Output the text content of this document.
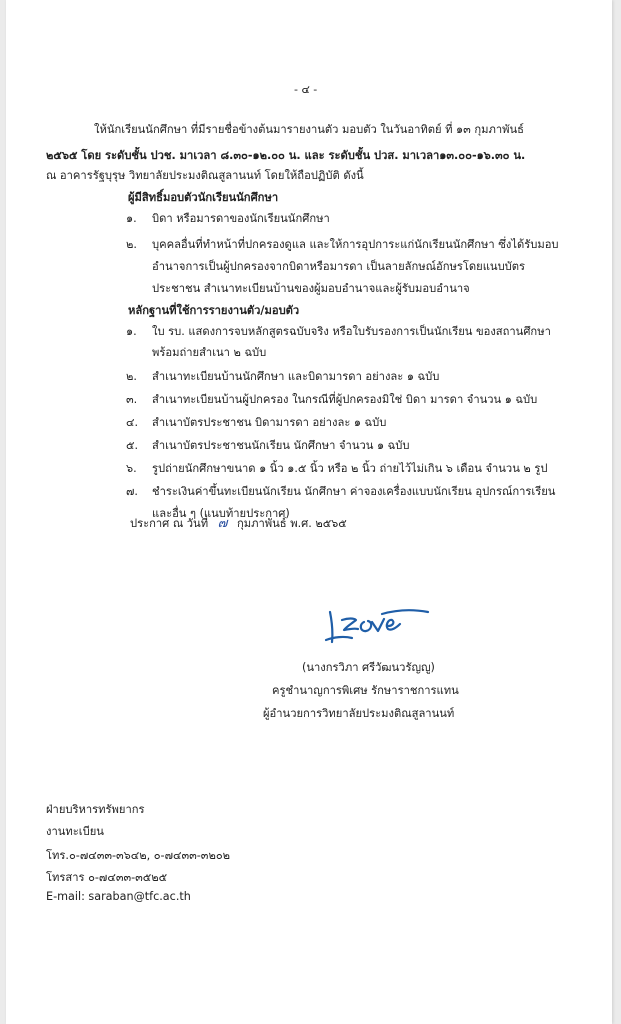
- ๔ -
ให้นักเรียนนักศึกษา ที่มีรายชื่อข้างต้นมารายงานตัว มอบตัว ในวันอาทิตย์ ที่ ๑๓ กุมภาพันธ์
๒๕๖๕ โดย ระดับชั้น ปวช. มาเวลา ๘.๓๐-๑๒.๐๐ น. และ ระดับชั้น ปวส. มาเวลา๑๓.๐๐-๑๖.๓๐ น.
ณ อาคารรัฐบุรุษ วิทยาลัยประมงติณสูลานนท์ โดยให้ถือปฏิบัติ ดังนี้
ผู้มีสิทธิ์มอบตัวนักเรียนนักศึกษา
๑. บิดา หรือมารดาของนักเรียนนักศึกษา
๒. บุคคลอื่นที่ทำหน้าที่ปกครองดูแล และให้การอุปการะแก่นักเรียนนักศึกษา ซึ่งได้รับมอบ
อำนาจการเป็นผู้ปกครองจากบิดาหรือมารดา เป็นลายลักษณ์อักษรโดยแนบบัตร
ประชาชน สำเนาทะเบียนบ้านของผู้มอบอำนาจและผู้รับมอบอำนาจ
หลักฐานที่ใช้การรายงานตัว/มอบตัว
๑. ใบ รบ. แสดงการจบหลักสูตรฉบับจริง หรือใบรับรองการเป็นนักเรียน ของสถานศึกษา
พร้อมถ่ายสำเนา ๒ ฉบับ
๒. สำเนาทะเบียนบ้านนักศึกษา และบิดามารดา อย่างละ ๑ ฉบับ
๓. สำเนาทะเบียนบ้านผู้ปกครอง ในกรณีที่ผู้ปกครองมิใช่ บิดา มารดา จำนวน ๑ ฉบับ
๔. สำเนาบัตรประชาชน บิดามารดา อย่างละ ๑ ฉบับ
๕. สำเนาบัตรประชาชนนักเรียน นักศึกษา จำนวน ๑ ฉบับ
๖. รูปถ่ายนักศึกษาขนาด ๑ นิ้ว ๑.๕ นิ้ว หรือ ๒ นิ้ว ถ่ายไว้ไม่เกิน ๖ เดือน จำนวน ๒ รูป
๗. ชำระเงินค่าขึ้นทะเบียนนักเรียน นักศึกษา ค่าจองเครื่องแบบนักเรียน อุปกรณ์การเรียน
และอื่น ๆ (แนบท้ายประกาศ)
ประกาศ ณ วันที่ ๗ กุมภาพันธ์ พ.ศ. ๒๕๖๕
(นางกรวิภา ศรีวัฒนวรัญญู)
ครูชำนาญการพิเศษ รักษาราชการแทน
ผู้อำนวยการวิทยาลัยประมงติณสูลานนท์
ฝ่ายบริหารทรัพยากร
งานทะเบียน
โทร.๐-๗๔๓๓-๓๖๔๒, ๐-๗๔๓๓-๓๒๐๒
โทรสาร ๐-๗๔๓๓-๓๕๒๕
E-mail: saraban@tfc.ac.th
